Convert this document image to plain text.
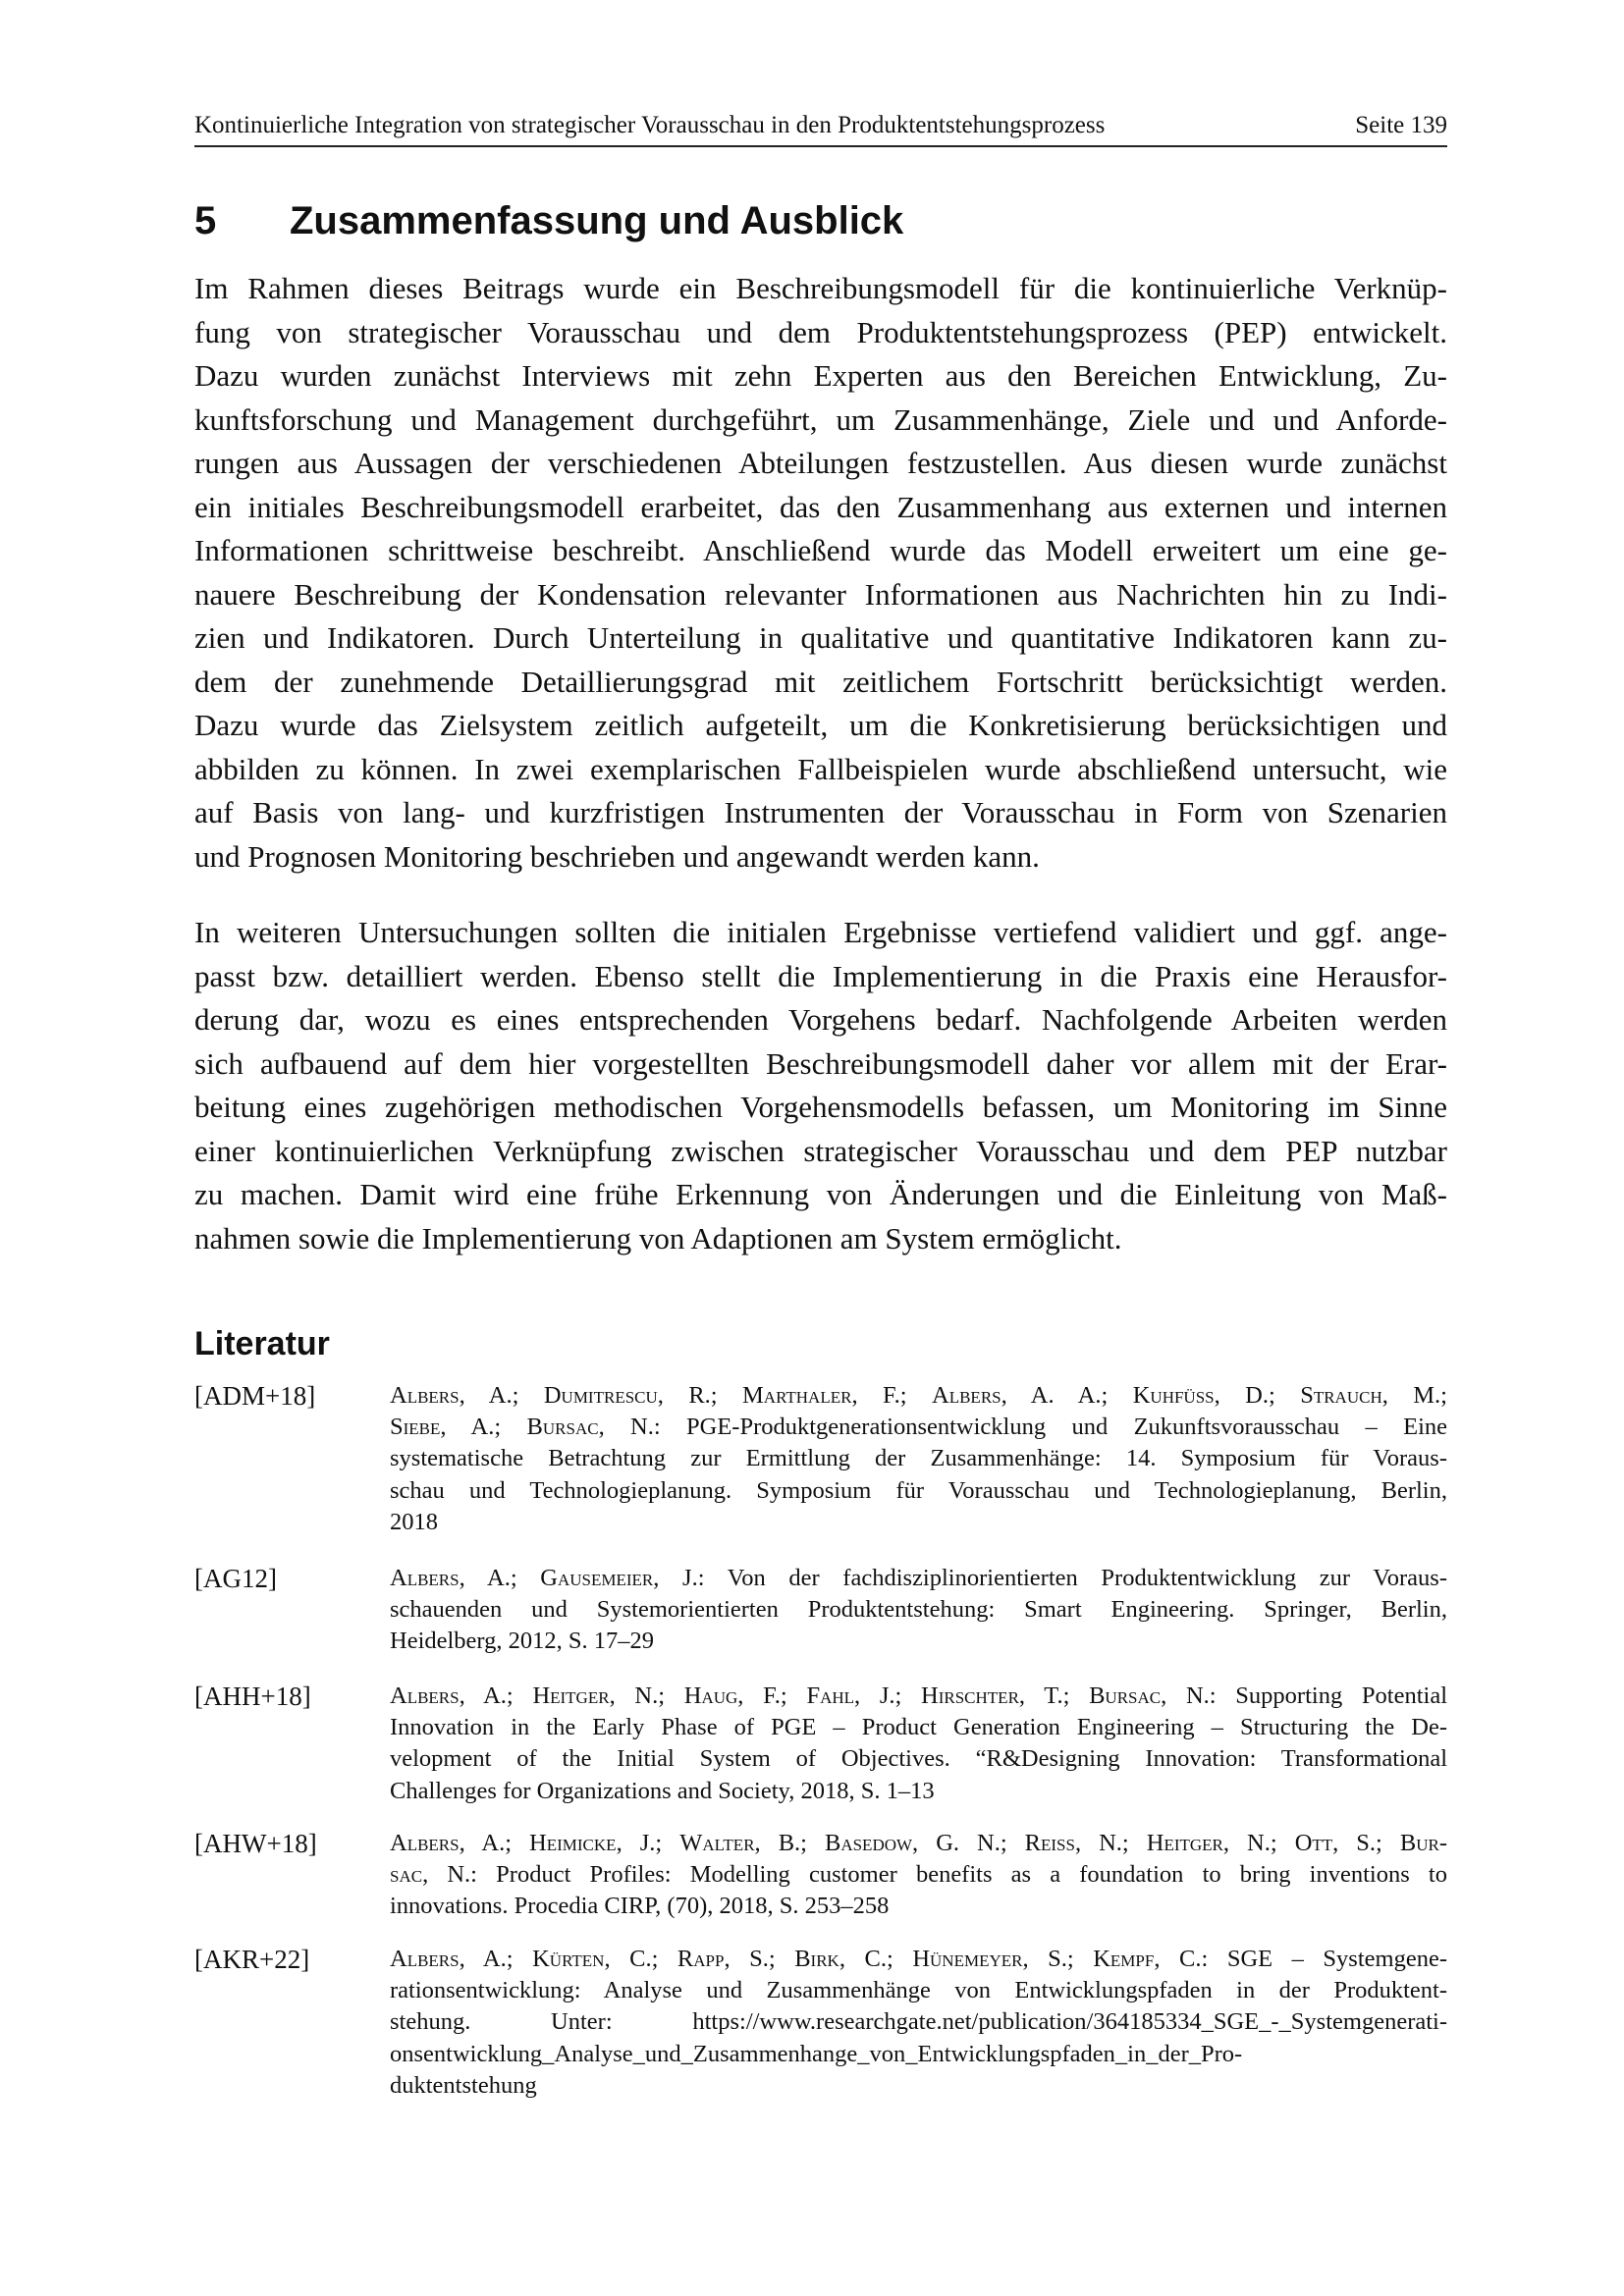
Kontinuierliche Integration von strategischer Vorausschau in den Produktentstehungsprozess	Seite 139
5 Zusammenfassung und Ausblick
Im Rahmen dieses Beitrags wurde ein Beschreibungsmodell für die kontinuierliche Verknüp-
fung von strategischer Vorausschau und dem Produktentstehungsprozess (PEP) entwickelt.
Dazu wurden zunächst Interviews mit zehn Experten aus den Bereichen Entwicklung, Zu-
kunftsforschung und Management durchgeführt, um Zusammenhänge, Ziele und und Anforde-
rungen aus Aussagen der verschiedenen Abteilungen festzustellen. Aus diesen wurde zunächst
ein initiales Beschreibungsmodell erarbeitet, das den Zusammenhang aus externen und internen
Informationen schrittweise beschreibt. Anschließend wurde das Modell erweitert um eine ge-
nauere Beschreibung der Kondensation relevanter Informationen aus Nachrichten hin zu Indi-
zien und Indikatoren. Durch Unterteilung in qualitative und quantitative Indikatoren kann zu-
dem der zunehmende Detaillierungsgrad mit zeitlichem Fortschritt berücksichtigt werden.
Dazu wurde das Zielsystem zeitlich aufgeteilt, um die Konkretisierung berücksichtigen und
abbilden zu können. In zwei exemplarischen Fallbeispielen wurde abschließend untersucht, wie
auf Basis von lang- und kurzfristigen Instrumenten der Vorausschau in Form von Szenarien
und Prognosen Monitoring beschrieben und angewandt werden kann.
In weiteren Untersuchungen sollten die initialen Ergebnisse vertiefend validiert und ggf. ange-
passt bzw. detailliert werden. Ebenso stellt die Implementierung in die Praxis eine Herausfor-
derung dar, wozu es eines entsprechenden Vorgehens bedarf. Nachfolgende Arbeiten werden
sich aufbauend auf dem hier vorgestellten Beschreibungsmodell daher vor allem mit der Erar-
beitung eines zugehörigen methodischen Vorgehensmodells befassen, um Monitoring im Sinne
einer kontinuierlichen Verknüpfung zwischen strategischer Vorausschau und dem PEP nutzbar
zu machen. Damit wird eine frühe Erkennung von Änderungen und die Einleitung von Maß-
nahmen sowie die Implementierung von Adaptionen am System ermöglicht.
Literatur
[ADM+18]	Albers, A.; Dumitrescu, R.; Marthaler, F.; Albers, A. A.; Kuhfüss, D.; Strauch, M.;
Siebe, A.; Bursac, N.: PGE-Produktgenerationsentwicklung und Zukunftsvorausschau – Eine
systematische Betrachtung zur Ermittlung der Zusammenhänge: 14. Symposium für Voraus-
schau und Technologieplanung. Symposium für Vorausschau und Technologieplanung, Berlin,
2018
[AG12]	Albers, A.; Gausemeier, J.: Von der fachdisziplinorientierten Produktentwicklung zur Voraus-
schauenden und Systemorientierten Produktentstehung: Smart Engineering. Springer, Berlin,
Heidelberg, 2012, S. 17–29
[AHH+18]	Albers, A.; Heitger, N.; Haug, F.; Fahl, J.; Hirschter, T.; Bursac, N.: Supporting Potential
Innovation in the Early Phase of PGE – Product Generation Engineering – Structuring the De-
velopment of the Initial System of Objectives. “R&Designing Innovation: Transformational
Challenges for Organizations and Society, 2018, S. 1–13
[AHW+18]	Albers, A.; Heimicke, J.; Walter, B.; Basedow, G. N.; Reiß, N.; Heitger, N.; Ott, S.; Bur-
sac, N.: Product Profiles: Modelling customer benefits as a foundation to bring inventions to
innovations. Procedia CIRP, (70), 2018, S. 253–258
[AKR+22]	Albers, A.; Kürten, C.; Rapp, S.; Birk, C.; Hünemeyer, S.; Kempf, C.: SGE – Systemgene-
rationsentwicklung: Analyse und Zusammenhänge von Entwicklungspfaden in der Produktent-
stehung. Unter: https://www.researchgate.net/publication/364185334_SGE_-_Systemgenerati-
onsentwicklung_Analyse_und_Zusammenhange_von_Entwicklungspfaden_in_der_Pro-
duktentstehung
